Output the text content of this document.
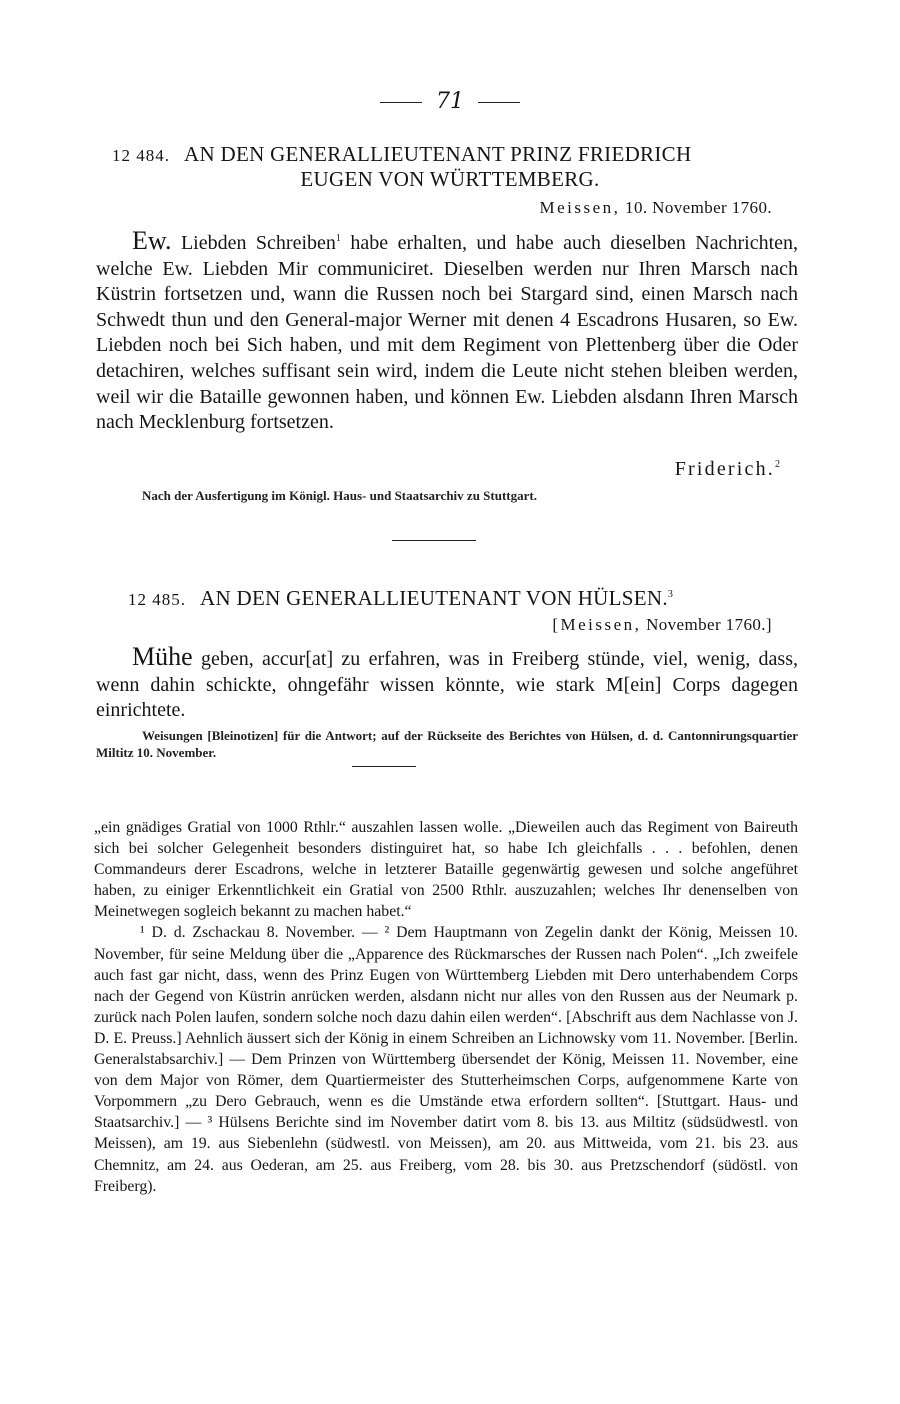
71
12 484. AN DEN GENERALLIEUTENANT PRINZ FRIEDRICH
EUGEN VON WÜRTTEMBERG.
Meissen, 10. November 1760.

Ew. Liebden Schreiben$^1$ habe erhalten, und habe auch dieselben Nachrichten, welche Ew. Liebden Mir communiciret. Dieselben werden nur Ihren Marsch nach Küstrin fortsetzen und, wann die Russen noch bei Stargard sind, einen Marsch nach Schwedt thun und den General-major Werner mit denen 4 Escadrons Husaren, so Ew. Liebden noch bei Sich haben, und mit dem Regiment von Plettenberg über die Oder detachiren, welches suffisant sein wird, indem die Leute nicht stehen bleiben werden, weil wir die Bataille gewonnen haben, und können Ew. Liebden alsdann Ihren Marsch nach Mecklenburg fortsetzen.

Friderich.$^2$
Nach der Ausfertigung im Königl. Haus- und Staatsarchiv zu Stuttgart.
12 485. AN DEN GENERALLIEUTENANT VON HÜLSEN.$^3$
[Meissen, November 1760.]

Mühe geben, accur[at] zu erfahren, was in Freiberg stünde, viel, wenig, dass, wenn dahin schickte, ohngefähr wissen könnte, wie stark M[ein] Corps dagegen einrichtete.

Weisungen [Bleinotizen] für die Antwort; auf der Rückseite des Berichtes von Hülsen, d. d. Cantonnirungsquartier Miltitz 10. November.

„ein gnädiges Gratial von 1000 Rthlr.“ auszahlen lassen wolle. „Dieweilen auch das Regiment von Baireuth sich bei solcher Gelegenheit besonders distinguiret hat, so habe Ich gleichfalls . . . befohlen, denen Commandeurs derer Escadrons, welche in letzterer Bataille gegenwärtig gewesen und solche angeführet haben, zu einiger Erkenntlichkeit ein Gratial von 2500 Rthlr. auszuzahlen; welches Ihr denenselben von Meinetwegen sogleich bekannt zu machen habet.“

¹ D. d. Zschackau 8. November. — ² Dem Hauptmann von Zegelin dankt der König, Meissen 10. November, für seine Meldung über die „Apparence des Rückmarsches der Russen nach Polen“. „Ich zweifele auch fast gar nicht, dass, wenn des Prinz Eugen von Württemberg Liebden mit Dero unterhabendem Corps nach der Gegend von Küstrin anrücken werden, alsdann nicht nur alles von den Russen aus der Neumark p. zurück nach Polen laufen, sondern solche noch dazu dahin eilen werden“. [Abschrift aus dem Nachlasse von J. D. E. Preuss.] Aehnlich äussert sich der König in einem Schreiben an Lichnowsky vom 11. November. [Berlin. Generalstabsarchiv.] — Dem Prinzen von Württemberg übersendet der König, Meissen 11. November, eine von dem Major von Römer, dem Quartiermeister des Stutterheimschen Corps, aufgenommene Karte von Vorpommern „zu Dero Gebrauch, wenn es die Umstände etwa erfordern sollten“. [Stuttgart. Haus- und Staatsarchiv.] — ³ Hülsens Berichte sind im November datirt vom 8. bis 13. aus Miltitz (südsüdwestl. von Meissen), am 19. aus Siebenlehn (südwestl. von Meissen), am 20. aus Mittweida, vom 21. bis 23. aus Chemnitz, am 24. aus Oederan, am 25. aus Freiberg, vom 28. bis 30. aus Pretzschendorf (südöstl. von Freiberg).
